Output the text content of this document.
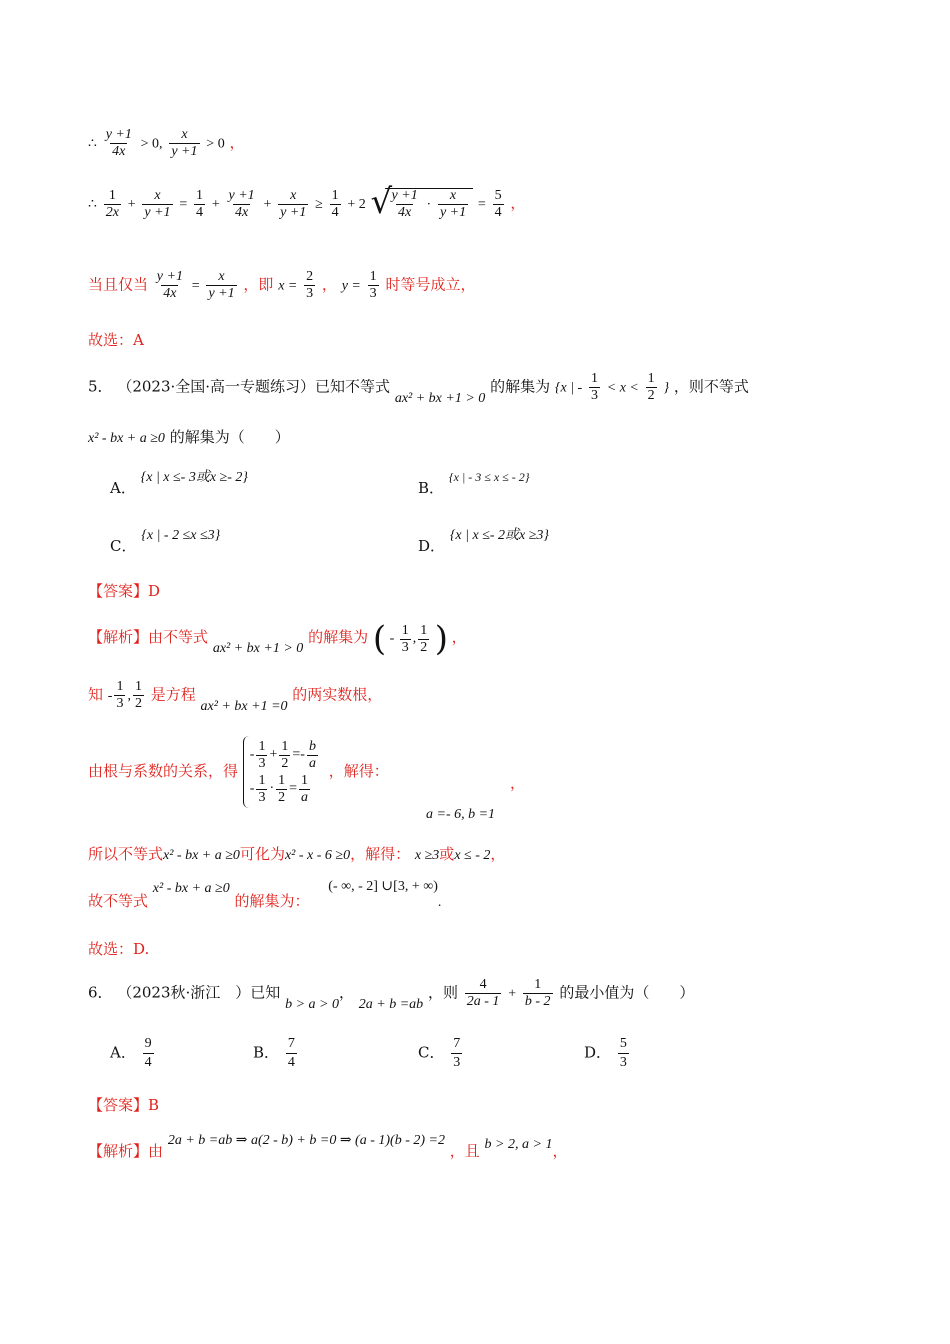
∴ $\frac{y +1}{4x} > 0$, $\frac{x}{y +1} > 0$ ，
∴ $\frac{1}{2x} + \frac{x}{y +1} = \frac{1}{4} + \frac{y +1}{4x} + \frac{x}{y +1} \ge \frac{1}{4} + 2$
√ $\frac{y +1}{4x} \cdot \frac{x}{y +1} = \frac{5}{4}$ ，
当且仅当 $\frac{y +1}{4x} = \frac{x}{y +1}$ ，即 $x = \frac{2}{3}$ ， $y = \frac{1}{3}$ 时等号成立，
故选：A
5． （2023·全国·高一专题练习）已知不等式 ax² + bx +1 > 0 的解集为 {x | - $\frac{1}{3} < x < \frac{1}{2}$ } ，则不等式
x² - bx + a ≥0 的解集为（　　）
A． {x | x ≤- 3或x ≥- 2}
B． {x | - 3 ≤ x ≤ - 2}
C． {x | - 2 ≤x ≤3}
D． {x | x ≤- 2或x ≥3}
【答案】D
【解析】由不等式 ax² + bx +1 > 0 的解集为 ( - $\frac{1}{3}$ , $\frac{1}{2}$ ) ，
知 - $\frac{1}{3}$ , $\frac{1}{2}$ 是方程 ax² + bx +1 =0 的两实数根，
由根与系数的关系，得
-
1
3
+ $\frac{1}{2}$ =-
b
a
-
1
3
· $\frac{1}{2} = \frac{1}{a}$
，解得：
a =- 6, b =1
，
所以不等式x² - bx + a ≥0可化为x² - x - 6 ≥0，解得： x ≥3或x ≤ - 2，
故不等式 x² - bx + a ≥0 的解集为： (- ∞, - 2] ∪[3, + ∞).
故选：D.
6． （2023秋·浙江　）已知 b > a > 0， 2a + b =ab ，则 $\frac{4}{2a - 1} + \frac{1}{b - 2}$ 的最小值为（　　）
A． $\frac{9}{4}$	B． $\frac{7}{4}$	C． $\frac{7}{3}$	D． $\frac{5}{3}$
【答案】B
【解析】由 2a + b =ab ⇒ a(2 - b) + b =0 ⇒ (a - 1)(b - 2) =2 ，且 b > 2, a > 1，
